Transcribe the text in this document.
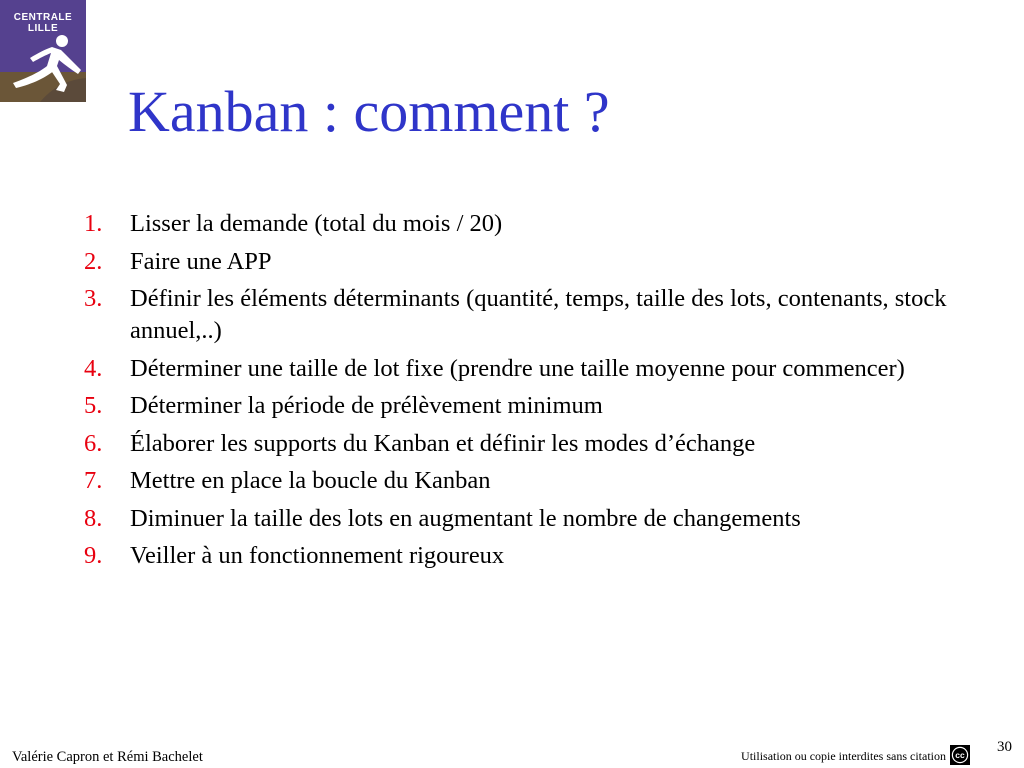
CENTRALE
LILLE
Kanban : comment ?
1.	Lisser la demande (total du mois / 20)
2.	Faire une APP
3.	Définir les éléments déterminants (quantité, temps, taille des lots, contenants, stock annuel,..)
4.	Déterminer une taille de lot fixe (prendre une taille moyenne pour commencer)
5.	Déterminer la période de prélèvement minimum
6.	Élaborer les supports du Kanban et définir les modes d’échange
7.	Mettre en place la boucle du Kanban
8.	Diminuer la taille des lots en augmentant le nombre de changements
9.	Veiller à un fonctionnement rigoureux
Valérie Capron et Rémi Bachelet	Utilisation ou copie interdites sans citation cc
30
